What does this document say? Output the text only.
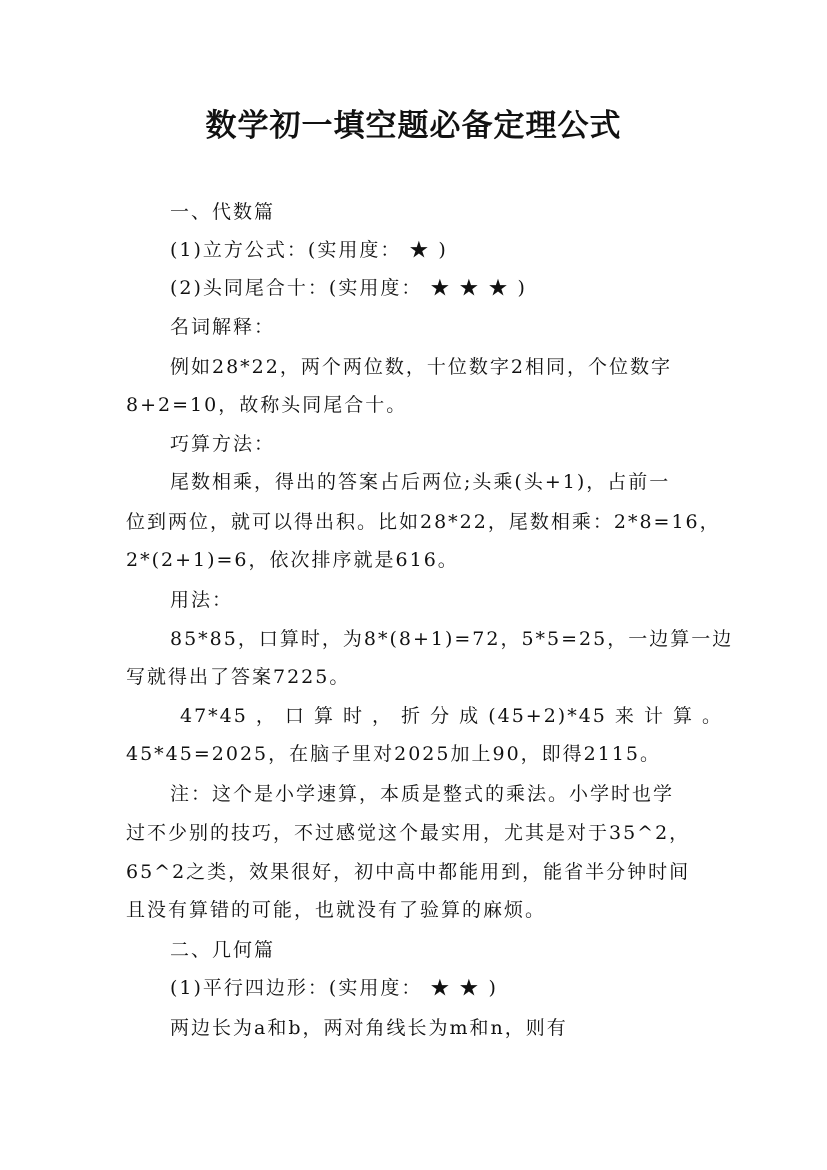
数学初一填空题必备定理公式
一、代数篇
(1)立方公式：(实用度： ★ )
(2)头同尾合十：(实用度： ★ ★ ★ )
名词解释：
例如28*22，两个两位数，十位数字2相同，个位数字
8+2=10，故称头同尾合十。
巧算方法：
尾数相乘，得出的答案占后两位;头乘(头+1)，占前一
位到两位，就可以得出积。比如28*22，尾数相乘：2*8=16，
2*(2+1)=6，依次排序就是616。
用法：
85*85，口算时，为8*(8+1)=72，5*5=25，一边算一边
写就得出了答案7225。
47*45 ， 口 算 时 ， 折 分 成 (45+2)*45 来 计 算 。
45*45=2025，在脑子里对2025加上90，即得2115。
注：这个是小学速算，本质是整式的乘法。小学时也学
过不少别的技巧，不过感觉这个最实用，尤其是对于35^2，
65^2之类，效果很好，初中高中都能用到，能省半分钟时间
且没有算错的可能，也就没有了验算的麻烦。
二、几何篇
(1)平行四边形：(实用度： ★ ★ )
两边长为a和b，两对角线长为m和n，则有
